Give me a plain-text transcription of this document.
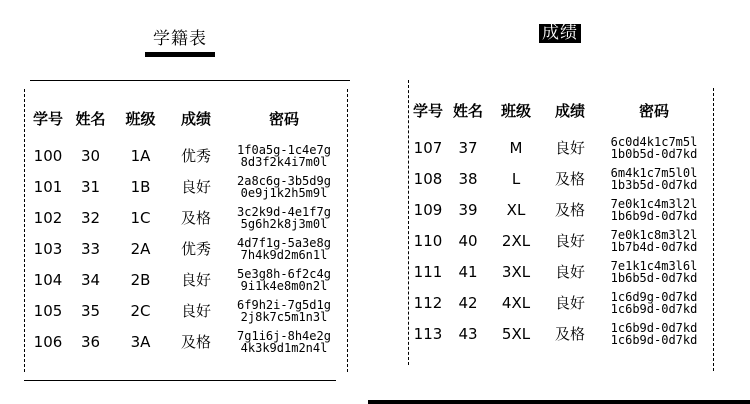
学籍表
学号	姓名	班级	成绩	密码
100	30	1A	优秀	1f0a5g-1c4e7g
8d3f2k4i7m0l

101	31	1B	良好	2a8c6g-3b5d9g
0e9j1k2h5m9l

102	32	1C	及格	3c2k9d-4e1f7g
5g6h2k8j3m0l

103	33	2A	优秀	4d7f1g-5a3e8g
7h4k9d2m6n1l

104	34	2B	良好	5e3g8h-6f2c4g
9i1k4e8m0n2l

105	35	2C	良好	6f9h2i-7g5d1g
2j8k7c5m1n3l

106	36	3A	及格	7g1i6j-8h4e2g
4k3k9d1m2n4l
成绩
学号	姓名	班级	成绩	密码
107	37	M	良好	6c0d4k1c7m5l
1b0b5d-0d7kd

108	38	L	及格	6m4k1c7m5l0l
1b3b5d-0d7kd

109	39	XL	及格	7e0k1c4m3l2l
1b6b9d-0d7kd

110	40	2XL	良好	7e0k1c8m3l2l
1b7b4d-0d7kd

111	41	3XL	良好	7e1k1c4m3l6l
1b6b5d-0d7kd

112	42	4XL	良好	1c6d9g-0d7kd
1c6b9d-0d7kd

113	43	5XL	及格	1c6b9d-0d7kd
1c6b9d-0d7kd
